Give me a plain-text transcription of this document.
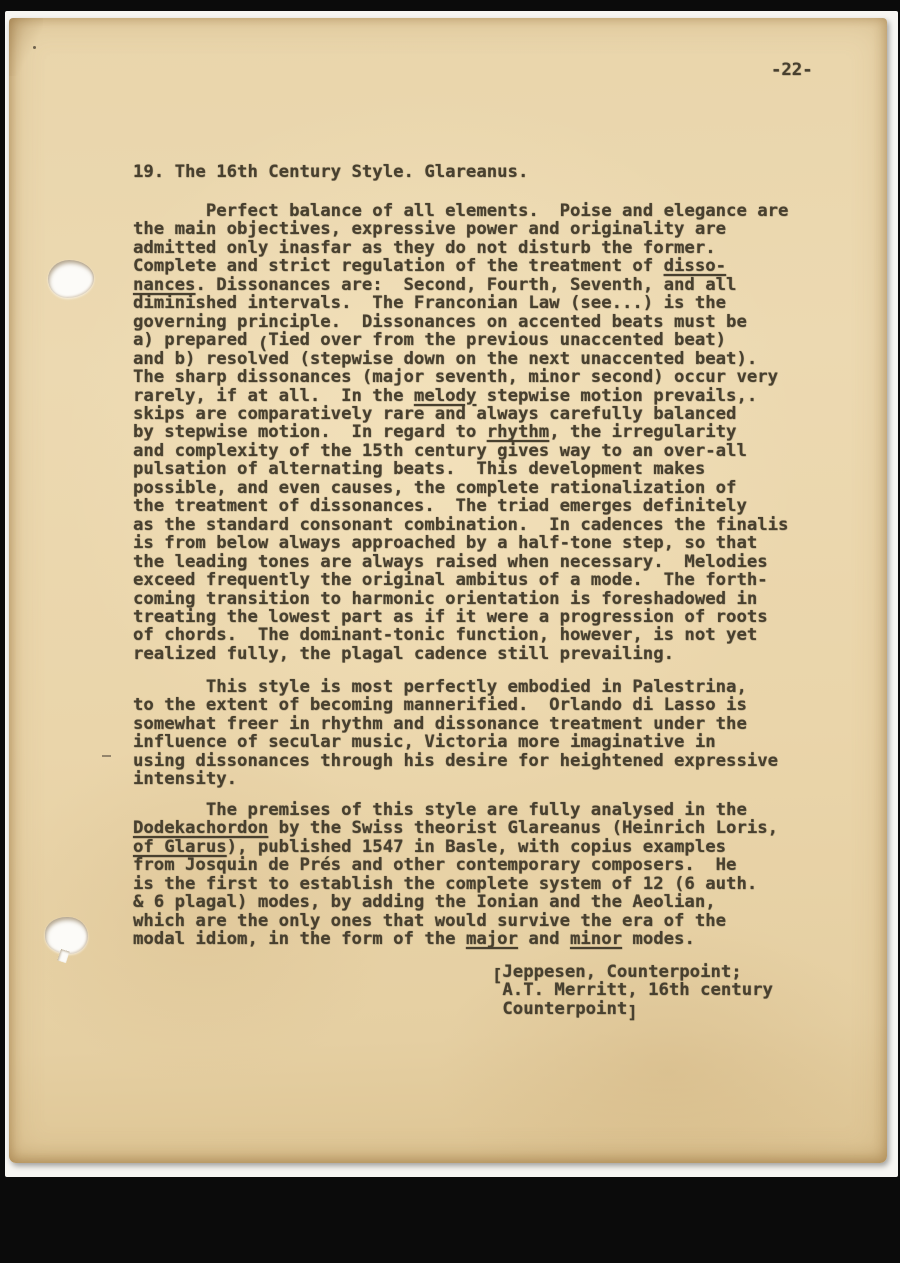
-22-
19. The 16th Century Style. Glareanus.
Perfect balance of all elements.  Poise and elegance are
the main objectives, expressive power and originality are
admitted only inasfar as they do not disturb the former.
Complete and strict regulation of the treatment of disso-
nances. Dissonances are:  Second, Fourth, Seventh, and all
diminished intervals.  The Franconian Law (see...) is the
governing principle.  Dissonances on accented beats must be
a) prepared (Tied over from the previous unaccented beat)
and b) resolved (stepwise down on the next unaccented beat).
The sharp dissonances (major seventh, minor second) occur very
rarely, if at all.  In the melody stepwise motion prevails,.
skips are comparatively rare and always carefully balanced
by stepwise motion.  In regard to rhythm, the irregularity
and complexity of the 15th century gives way to an over-all
pulsation of alternating beats.  This development makes
possible, and even causes, the complete rationalization of
the treatment of dissonances.  The triad emerges definitely
as the standard consonant combination.  In cadences the finalis
is from below always approached by a half-tone step, so that
the leading tones are always raised when necessary.  Melodies
exceed frequently the original ambitus of a mode.  The forth-
coming transition to harmonic orientation is foreshadowed in
treating the lowest part as if it were a progression of roots
of chords.  The dominant-tonic function, however, is not yet
realized fully, the plagal cadence still prevailing.
This style is most perfectly embodied in Palestrina,
to the extent of becoming mannerified.  Orlando di Lasso is
somewhat freer in rhythm and dissonance treatment under the
influence of secular music, Victoria more imaginative in
using dissonances through his desire for heightened expressive
intensity.
The premises of this style are fully analysed in the
Dodekachordon by the Swiss theorist Glareanus (Heinrich Loris,
of Glarus), published 1547 in Basle, with copius examples
from Josquin de Prés and other contemporary composers.  He
is the first to establish the complete system of 12 (6 auth.
& 6 plagal) modes, by adding the Ionian and the Aeolian,
which are the only ones that would survive the era of the
modal idiom, in the form of the major and minor modes.
[Jeppesen, Counterpoint;
A.T. Merritt, 16th century
Counterpoint]
